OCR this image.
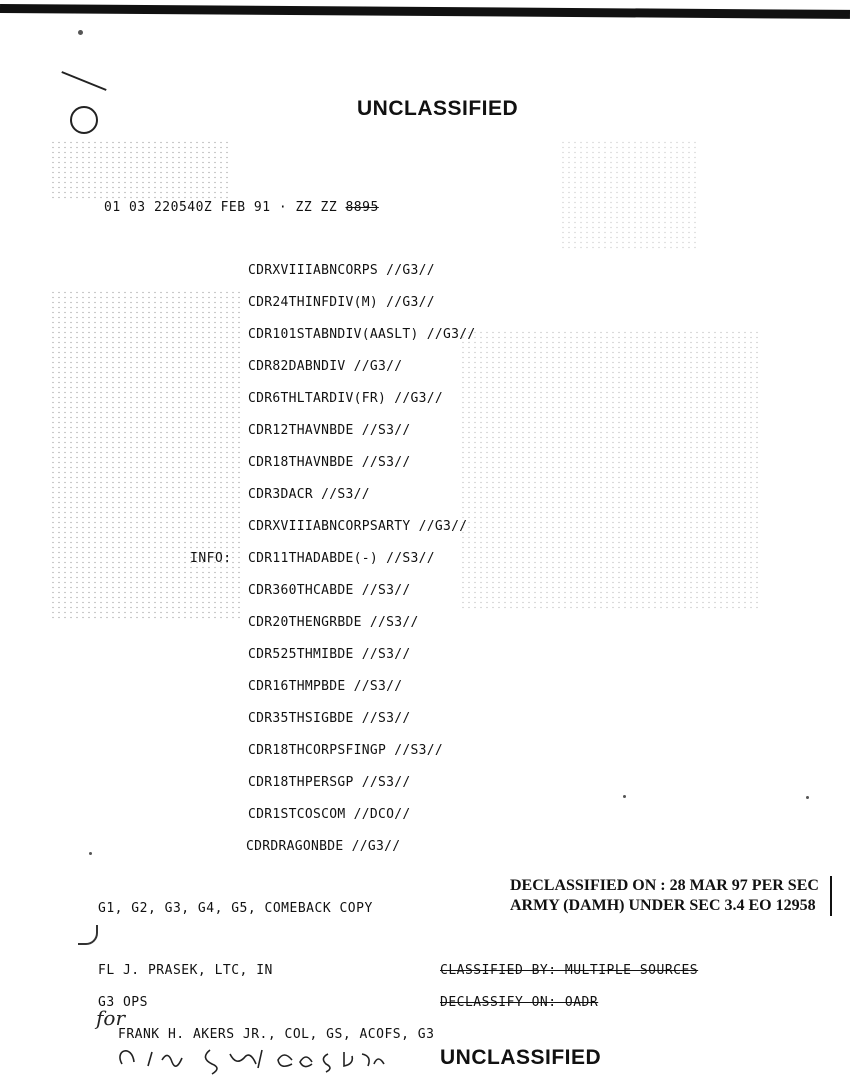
UNCLASSIFIED
01 03 220540Z FEB 91 · ZZ ZZ 8895
CDRXVIIIABNCORPS //G3//
CDR24THINFDIV(M) //G3//
CDR101STABNDIV(AASLT) //G3//
CDR82DABNDIV //G3//
CDR6THLTARDIV(FR) //G3//
CDR12THAVNBDE //S3//
CDR18THAVNBDE //S3//
CDR3DACR //S3//
CDRXVIIIABNCORPSARTY //G3//
INFO: CDR11THADABDE(-) //S3//
CDR360THCABDE //S3//
CDR20THENGRBDE //S3//
CDR525THMIBDE //S3//
CDR16THMPBDE //S3//
CDR35THSIGBDE //S3//
CDR18THCORPSFINGP //S3//
CDR18THPERSGP //S3//
CDR1STCOSCOM //DCO//
CDRDRAGONBDE //G3//
G1, G2, G3, G4, G5, COMEBACK COPY
DECLASSIFIED ON : 28 MAR 97 PER SEC ARMY (DAMH) UNDER SEC 3.4 EO 12958
FL J. PRASEK, LTC, IN	CLASSIFIED BY: MULTIPLE SOURCES
G3 OPS	DECLASSIFY ON: OADR
for
FRANK H. AKERS JR., COL, GS, ACOFS, G3
UNCLASSIFIED
